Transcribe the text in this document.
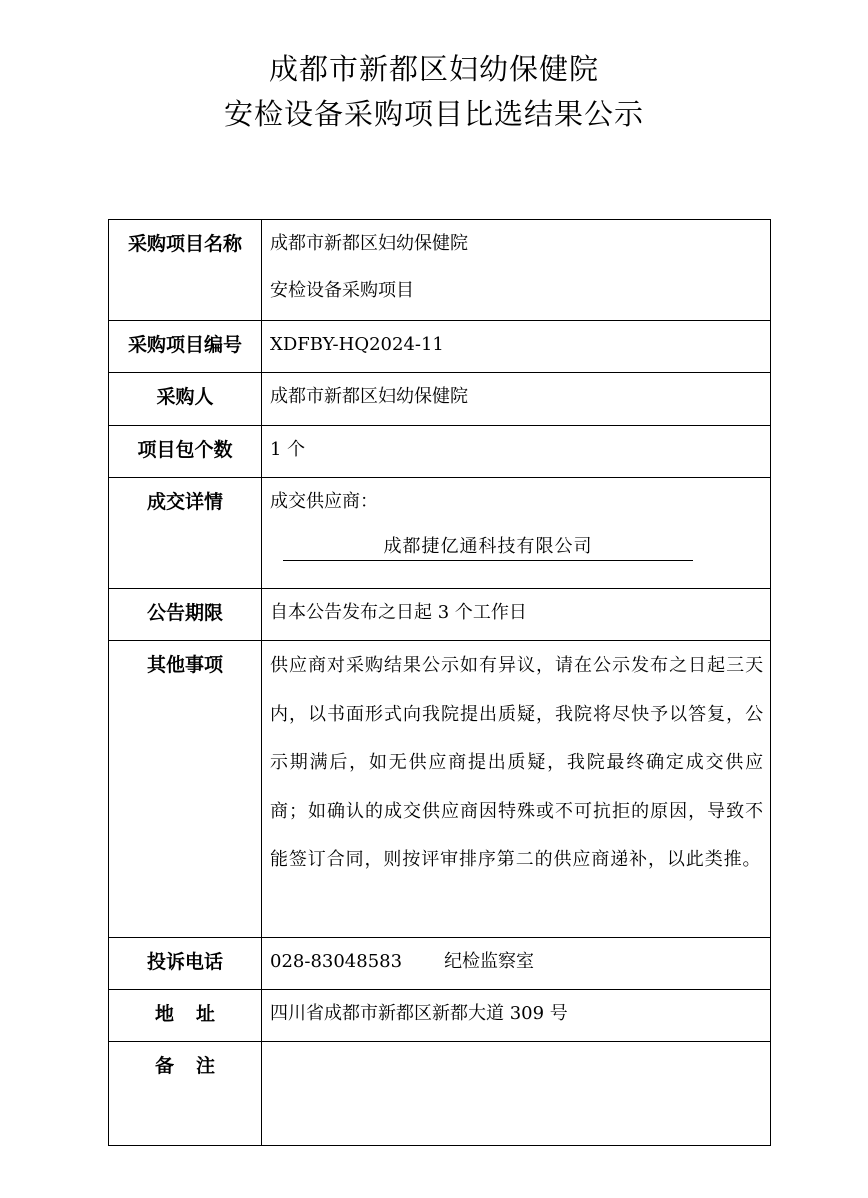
成都市新都区妇幼保健院
安检设备采购项目比选结果公示
采购项目名称	成都市新都区妇幼保健院
安检设备采购项目

采购项目编号	XDFBY-HQ2024-11
采购人	成都市新都区妇幼保健院
项目包个数	1 个
成交详情	成交供应商：
成都捷亿通科技有限公司

公告期限	自本公告发布之日起 3 个工作日
其他事项	供应商对采购结果公示如有异议，请在公示发布之日起三天内，以书面形式向我院提出质疑，我院将尽快予以答复，公示期满后，如无供应商提出质疑，我院最终确定成交供应商；如确认的成交供应商因特殊或不可抗拒的原因，导致不能签订合同，则按评审排序第二的供应商递补，以此类推。
投诉电话	028-83048583 纪检监察室
地址	四川省成都市新都区新都大道 309 号
备注	
